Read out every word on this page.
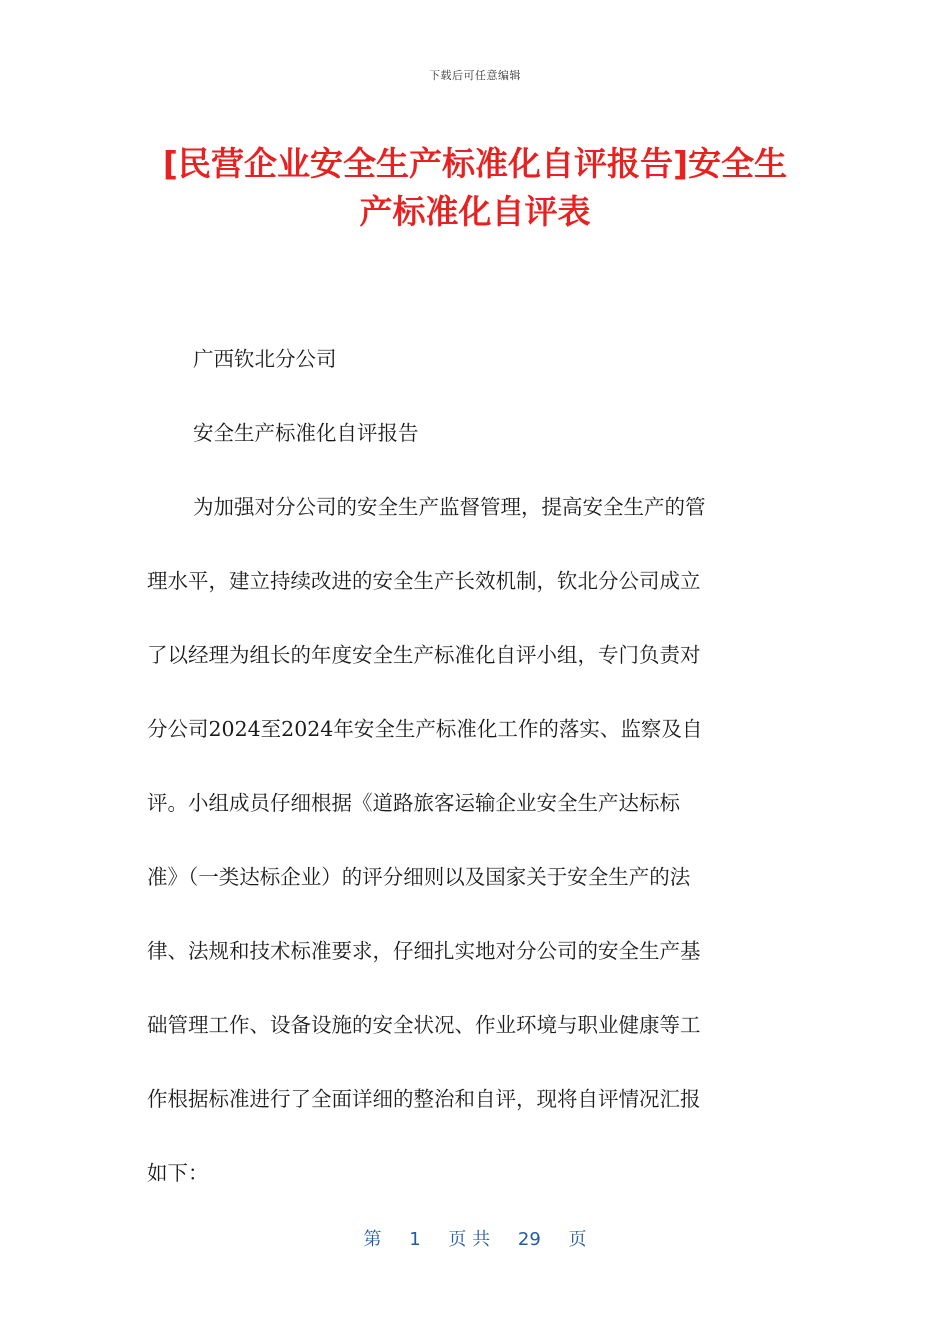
下载后可任意编辑
[民营企业安全生产标准化自评报告]安全生
产标准化自评表
广西钦北分公司
安全生产标准化自评报告
为加强对分公司的安全生产监督管理，提高安全生产的管
理水平，建立持续改进的安全生产长效机制，钦北分公司成立
了以经理为组长的年度安全生产标准化自评小组，专门负责对
分公司2024至2024年安全生产标准化工作的落实、监察及自
评。小组成员仔细根据《道路旅客运输企业安全生产达标标
准》（一类达标企业）的评分细则以及国家关于安全生产的法
律、法规和技术标准要求，仔细扎实地对分公司的安全生产基
础管理工作、设备设施的安全状况、作业环境与职业健康等工
作根据标准进行了全面详细的整治和自评，现将自评情况汇报
如下：
第 1 页 共 29 页
